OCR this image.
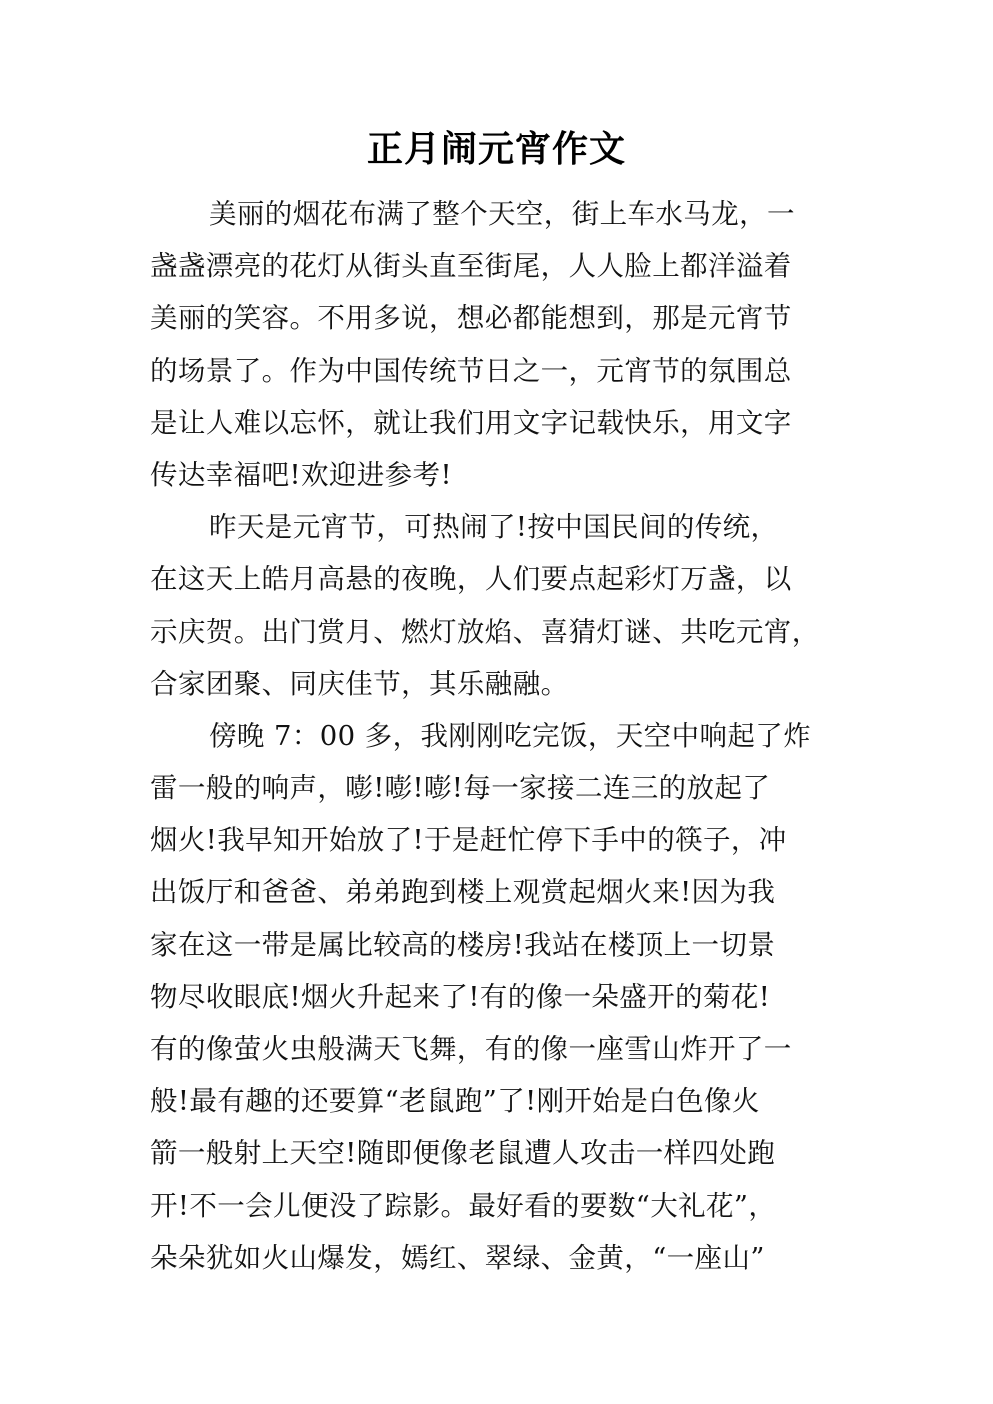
正月闹元宵作文
美丽的烟花布满了整个天空，街上车水马龙，一
盏盏漂亮的花灯从街头直至街尾，人人脸上都洋溢着
美丽的笑容。不用多说，想必都能想到，那是元宵节
的场景了。作为中国传统节日之一，元宵节的氛围总
是让人难以忘怀，就让我们用文字记载快乐，用文字
传达幸福吧!欢迎进参考!
昨天是元宵节，可热闹了!按中国民间的传统，
在这天上皓月高悬的夜晚，人们要点起彩灯万盏，以
示庆贺。出门赏月、燃灯放焰、喜猜灯谜、共吃元宵，
合家团聚、同庆佳节，其乐融融。
傍晚 7：00 多，我刚刚吃完饭，天空中响起了炸
雷一般的响声，嘭!嘭!嘭!每一家接二连三的放起了
烟火!我早知开始放了!于是赶忙停下手中的筷子，冲
出饭厅和爸爸、弟弟跑到楼上观赏起烟火来!因为我
家在这一带是属比较高的楼房!我站在楼顶上一切景
物尽收眼底!烟火升起来了!有的像一朵盛开的菊花!
有的像萤火虫般满天飞舞，有的像一座雪山炸开了一
般!最有趣的还要算“老鼠跑”了!刚开始是白色像火
箭一般射上天空!随即便像老鼠遭人攻击一样四处跑
开!不一会儿便没了踪影。最好看的要数“大礼花”，
朵朵犹如火山爆发，嫣红、翠绿、金黄，“一座山”
